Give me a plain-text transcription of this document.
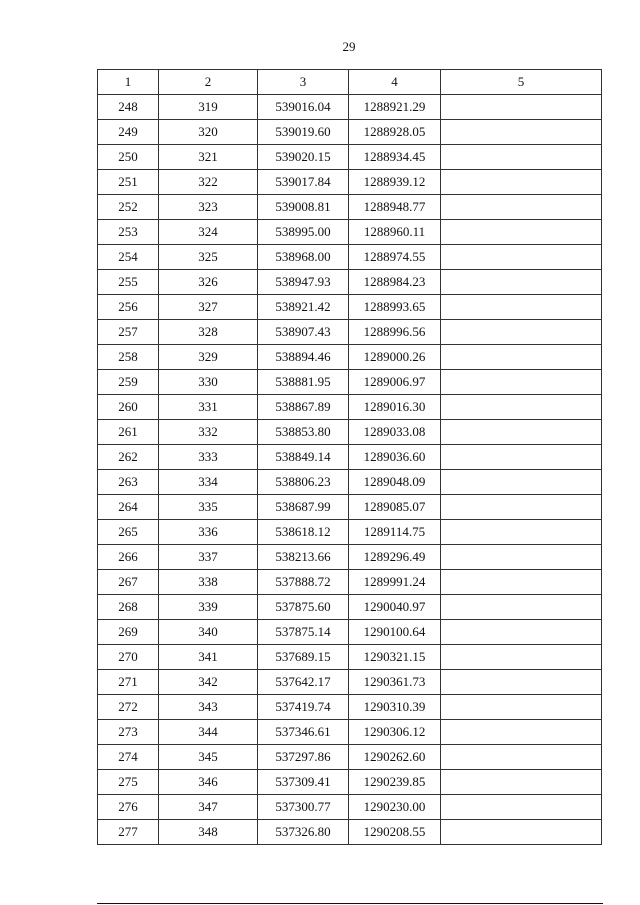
29
1	2	3	4	5
248	319	539016.04	1288921.29	
249	320	539019.60	1288928.05	
250	321	539020.15	1288934.45	
251	322	539017.84	1288939.12	
252	323	539008.81	1288948.77	
253	324	538995.00	1288960.11	
254	325	538968.00	1288974.55	
255	326	538947.93	1288984.23	
256	327	538921.42	1288993.65	
257	328	538907.43	1288996.56	
258	329	538894.46	1289000.26	
259	330	538881.95	1289006.97	
260	331	538867.89	1289016.30	
261	332	538853.80	1289033.08	
262	333	538849.14	1289036.60	
263	334	538806.23	1289048.09	
264	335	538687.99	1289085.07	
265	336	538618.12	1289114.75	
266	337	538213.66	1289296.49	
267	338	537888.72	1289991.24	
268	339	537875.60	1290040.97	
269	340	537875.14	1290100.64	
270	341	537689.15	1290321.15	
271	342	537642.17	1290361.73	
272	343	537419.74	1290310.39	
273	344	537346.61	1290306.12	
274	345	537297.86	1290262.60	
275	346	537309.41	1290239.85	
276	347	537300.77	1290230.00	
277	348	537326.80	1290208.55	
